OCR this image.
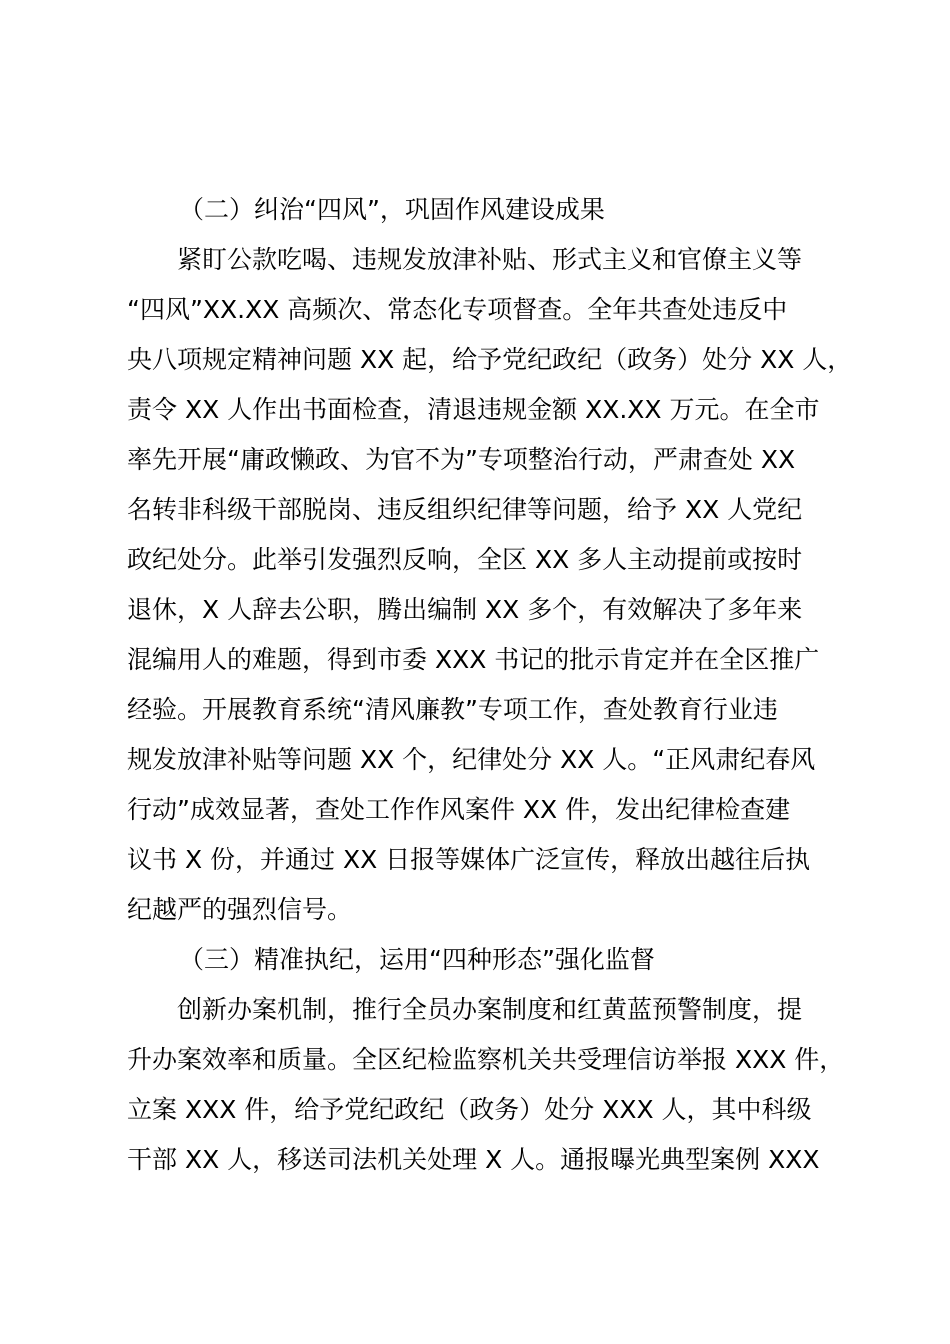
（二）纠治“四风”，巩固作风建设成果
紧盯公款吃喝、违规发放津补贴、形式主义和官僚主义等
“四风”XX.XX 高频次、常态化专项督查。全年共查处违反中
央八项规定精神问题 XX 起，给予党纪政纪（政务）处分 XX 人，
责令 XX 人作出书面检查，清退违规金额 XX.XX 万元。在全市
率先开展“庸政懒政、为官不为”专项整治行动，严肃查处 XX
名转非科级干部脱岗、违反组织纪律等问题，给予 XX 人党纪
政纪处分。此举引发强烈反响，全区 XX 多人主动提前或按时
退休，X 人辞去公职，腾出编制 XX 多个，有效解决了多年来
混编用人的难题，得到市委 XXX 书记的批示肯定并在全区推广
经验。开展教育系统“清风廉教”专项工作，查处教育行业违
规发放津补贴等问题 XX 个，纪律处分 XX 人。“正风肃纪春风
行动”成效显著，查处工作作风案件 XX 件，发出纪律检查建
议书 X 份，并通过 XX 日报等媒体广泛宣传，释放出越往后执
纪越严的强烈信号。
（三）精准执纪，运用“四种形态”强化监督
创新办案机制，推行全员办案制度和红黄蓝预警制度，提
升办案效率和质量。全区纪检监察机关共受理信访举报 XXX 件，
立案 XXX 件，给予党纪政纪（政务）处分 XXX 人，其中科级
干部 XX 人，移送司法机关处理 X 人。通报曝光典型案例 XXX
